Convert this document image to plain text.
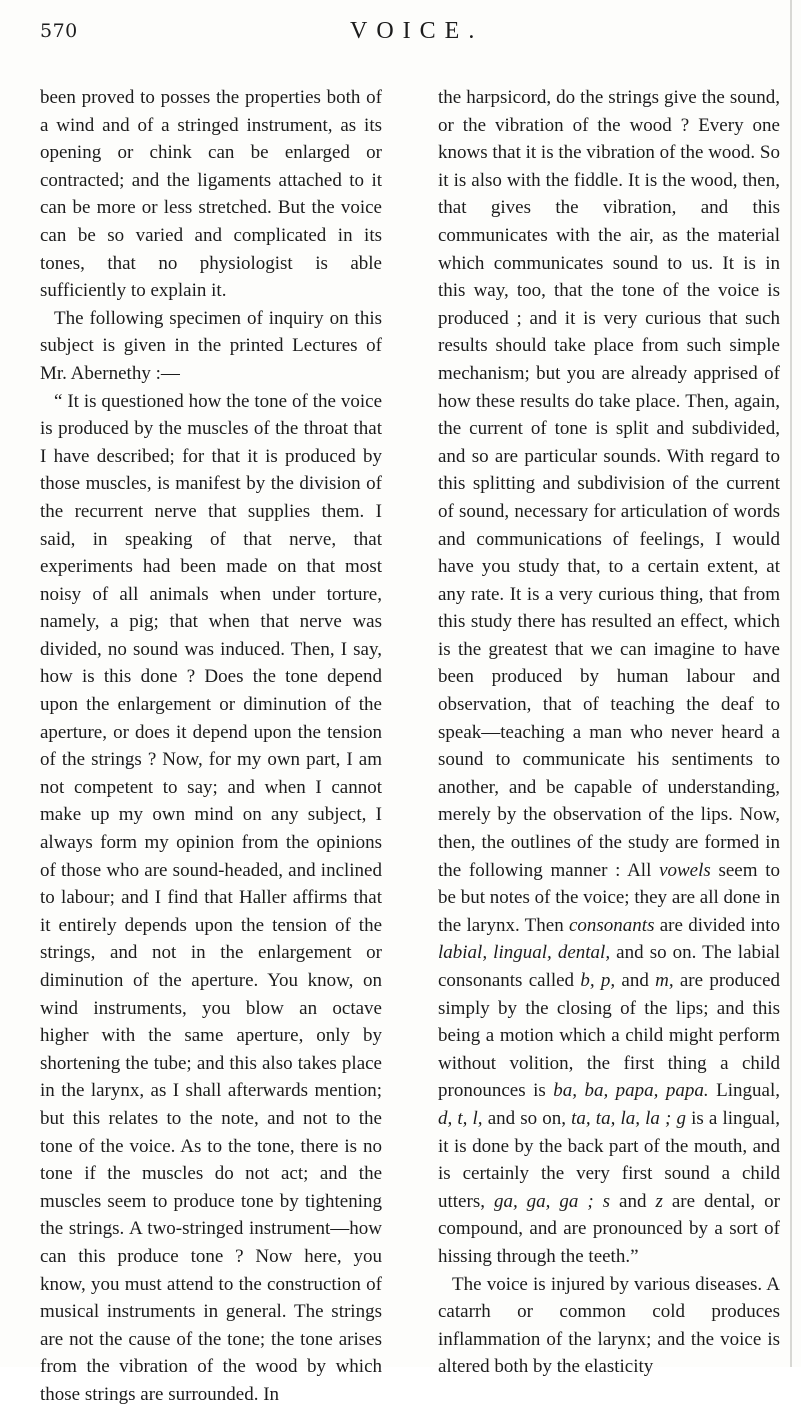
570	VOICE.

been proved to posses the properties both of a wind and of a stringed instrument, as its opening or chink can be enlarged or contracted; and the ligaments attached to it can be more or less stretched. But the voice can be so varied and complicated in its tones, that no physiologist is able sufficiently to explain it.

The following specimen of inquiry on this subject is given in the printed Lectures of Mr. Abernethy :—

“ It is questioned how the tone of the voice is produced by the muscles of the throat that I have described; for that it is produced by those muscles, is manifest by the division of the recurrent nerve that supplies them. I said, in speaking of that nerve, that experiments had been made on that most noisy of all animals when under torture, namely, a pig; that when that nerve was divided, no sound was induced. Then, I say, how is this done ? Does the tone depend upon the enlargement or diminution of the aperture, or does it depend upon the tension of the strings ? Now, for my own part, I am not competent to say; and when I cannot make up my own mind on any subject, I always form my opinion from the opinions of those who are sound-headed, and inclined to labour; and I find that Haller affirms that it entirely depends upon the tension of the strings, and not in the enlargement or diminution of the aperture. You know, on wind instruments, you blow an octave higher with the same aperture, only by shortening the tube; and this also takes place in the larynx, as I shall afterwards mention; but this relates to the note, and not to the tone of the voice. As to the tone, there is no tone if the muscles do not act; and the muscles seem to produce tone by tightening the strings. A two-stringed instrument—how can this produce tone ? Now here, you know, you must attend to the construction of musical instruments in general. The strings are not the cause of the tone; the tone arises from the vibration of the wood by which those strings are surrounded. In

the harpsicord, do the strings give the sound, or the vibration of the wood ? Every one knows that it is the vibration of the wood. So it is also with the fiddle. It is the wood, then, that gives the vibration, and this communicates with the air, as the material which communicates sound to us. It is in this way, too, that the tone of the voice is produced ; and it is very curious that such results should take place from such simple mechanism; but you are already apprised of how these results do take place. Then, again, the current of tone is split and subdivided, and so are particular sounds. With regard to this splitting and subdivision of the current of sound, necessary for articulation of words and communications of feelings, I would have you study that, to a certain extent, at any rate. It is a very curious thing, that from this study there has resulted an effect, which is the greatest that we can imagine to have been produced by human labour and observation, that of teaching the deaf to speak—teaching a man who never heard a sound to communicate his sentiments to another, and be capable of understanding, merely by the observation of the lips. Now, then, the outlines of the study are formed in the following manner : All vowels seem to be but notes of the voice; they are all done in the larynx. Then consonants are divided into labial, lingual, dental, and so on. The labial consonants called b, p, and m, are produced simply by the closing of the lips; and this being a motion which a child might perform without volition, the first thing a child pronounces is ba, ba, papa, papa. Lingual, d, t, l, and so on, ta, ta, la, la ; g is a lingual, it is done by the back part of the mouth, and is certainly the very first sound a child utters, ga, ga, ga ; s and z are dental, or compound, and are pronounced by a sort of hissing through the teeth.”

The voice is injured by various diseases. A catarrh or common cold produces inflammation of the larynx; and the voice is altered both by the elasticity
